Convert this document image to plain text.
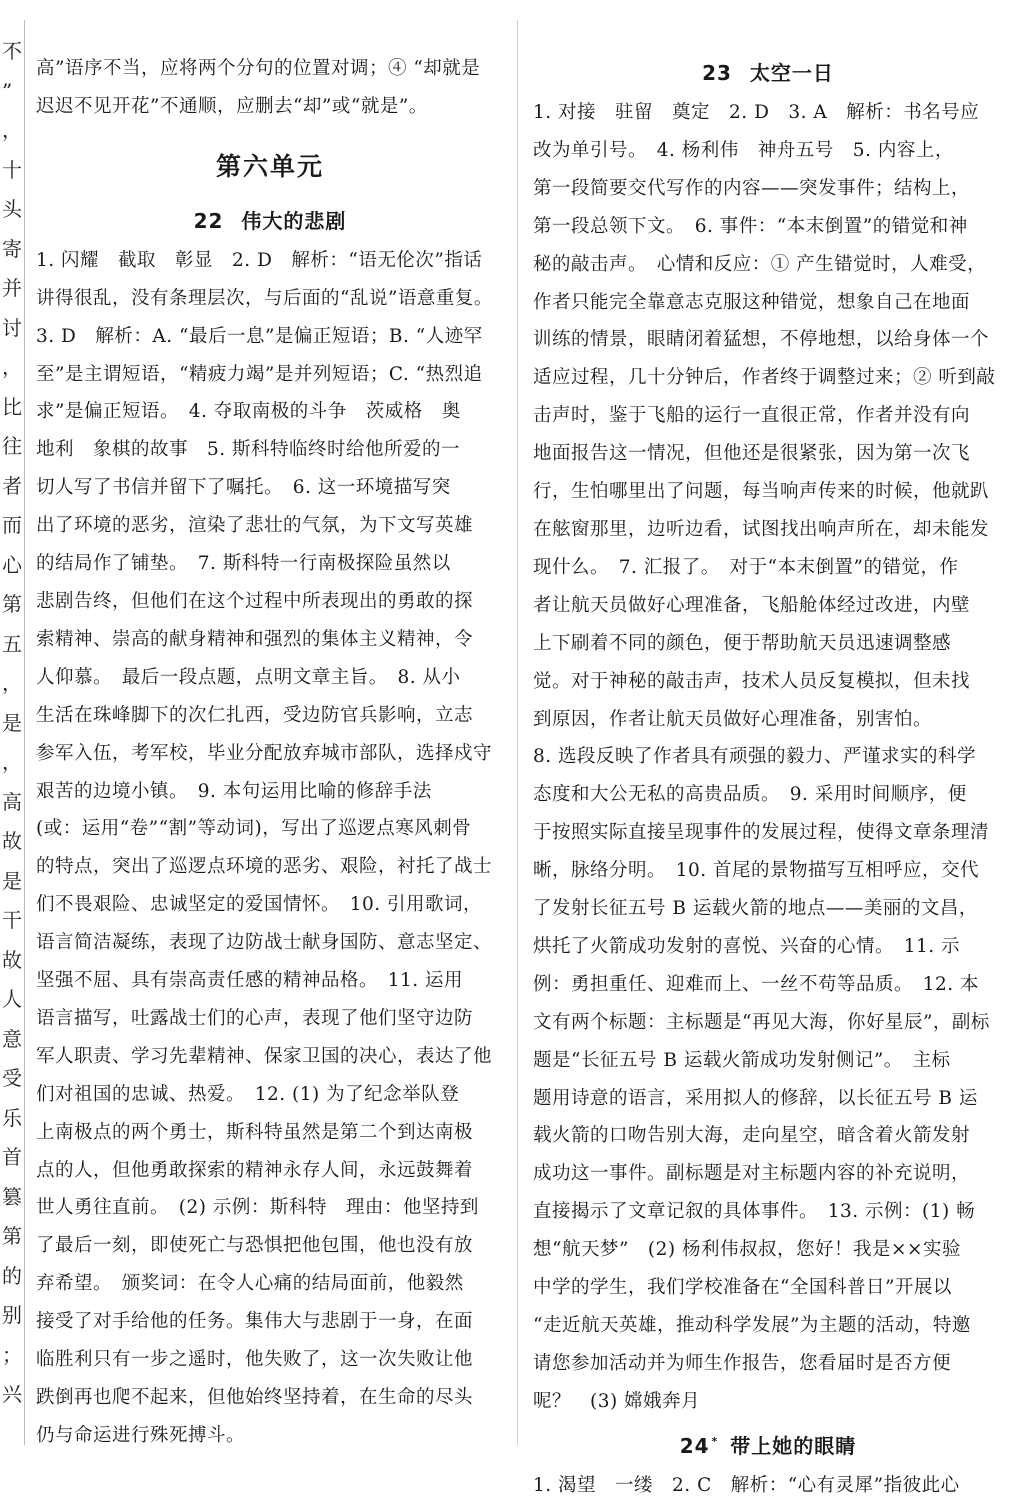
不
”
，
十
头
寄
并
讨
，
比
往
者
而
心
第
五
，
是
，
高
故
是
干
故
人
意
受
乐
首
篡
第
的
别
；
兴

高”语序不当，应将两个分句的位置对调；④ “却就是

迟迟不见开花”不通顺，应删去“却”或“就是”。

第六单元
22 伟大的悲剧

1. 闪耀　截取　彰显　2. D　解析：“语无伦次”指话

讲得很乱，没有条理层次，与后面的“乱说”语意重复。

3. D　解析：A. “最后一息”是偏正短语；B. “人迹罕

至”是主谓短语，“精疲力竭”是并列短语；C. “热烈追

求”是偏正短语。　4. 夺取南极的斗争　茨威格　奥

地利　象棋的故事　5. 斯科特临终时给他所爱的一

切人写了书信并留下了嘱托。　6. 这一环境描写突

出了环境的恶劣，渲染了悲壮的气氛，为下文写英雄

的结局作了铺垫。　7. 斯科特一行南极探险虽然以

悲剧告终，但他们在这个过程中所表现出的勇敢的探

索精神、崇高的献身精神和强烈的集体主义精神，令

人仰慕。　最后一段点题，点明文章主旨。　8. 从小

生活在珠峰脚下的次仁扎西，受边防官兵影响，立志

参军入伍，考军校，毕业分配放弃城市部队，选择戍守

艰苦的边境小镇。　9. 本句运用比喻的修辞手法

(或：运用“卷”“割”等动词)，写出了巡逻点寒风刺骨

的特点，突出了巡逻点环境的恶劣、艰险，衬托了战士

们不畏艰险、忠诚坚定的爱国情怀。　10. 引用歌词，

语言简洁凝练，表现了边防战士献身国防、意志坚定、

坚强不屈、具有崇高责任感的精神品格。　11. 运用

语言描写，吐露战士们的心声，表现了他们坚守边防

军人职责、学习先辈精神、保家卫国的决心，表达了他

们对祖国的忠诚、热爱。　12. (1) 为了纪念举队登

上南极点的两个勇士，斯科特虽然是第二个到达南极

点的人，但他勇敢探索的精神永存人间，永远鼓舞着

世人勇往直前。　(2) 示例：斯科特　理由：他坚持到

了最后一刻，即使死亡与恐惧把他包围，他也没有放

弃希望。　颁奖词：在令人心痛的结局面前，他毅然

接受了对手给他的任务。集伟大与悲剧于一身，在面

临胜利只有一步之遥时，他失败了，这一次失败让他

跌倒再也爬不起来，但他始终坚持着，在生命的尽头

仍与命运进行殊死搏斗。

23 太空一日

1. 对接　驻留　奠定　2. D　3. A　解析：书名号应

改为单引号。　4. 杨利伟　神舟五号　5. 内容上，

第一段简要交代写作的内容——突发事件；结构上，

第一段总领下文。　6. 事件：“本末倒置”的错觉和神

秘的敲击声。　心情和反应：① 产生错觉时，人难受，

作者只能完全靠意志克服这种错觉，想象自己在地面

训练的情景，眼睛闭着猛想，不停地想，以给身体一个

适应过程，几十分钟后，作者终于调整过来；② 听到敲

击声时，鉴于飞船的运行一直很正常，作者并没有向

地面报告这一情况，但他还是很紧张，因为第一次飞

行，生怕哪里出了问题，每当响声传来的时候，他就趴

在舷窗那里，边听边看，试图找出响声所在，却未能发

现什么。　7. 汇报了。　对于“本末倒置”的错觉，作

者让航天员做好心理准备，飞船舱体经过改进，内壁

上下刷着不同的颜色，便于帮助航天员迅速调整感

觉。对于神秘的敲击声，技术人员反复模拟，但未找

到原因，作者让航天员做好心理准备，别害怕。

8. 选段反映了作者具有顽强的毅力、严谨求实的科学

态度和大公无私的高贵品质。　9. 采用时间顺序，便

于按照实际直接呈现事件的发展过程，使得文章条理清

晰，脉络分明。　10. 首尾的景物描写互相呼应，交代

了发射长征五号 B 运载火箭的地点——美丽的文昌，

烘托了火箭成功发射的喜悦、兴奋的心情。　11. 示

例：勇担重任、迎难而上、一丝不苟等品质。　12. 本

文有两个标题：主标题是“再见大海，你好星辰”，副标

题是“长征五号 B 运载火箭成功发射侧记”。　主标

题用诗意的语言，采用拟人的修辞，以长征五号 B 运

载火箭的口吻告别大海，走向星空，暗含着火箭发射

成功这一事件。副标题是对主标题内容的补充说明，

直接揭示了文章记叙的具体事件。　13. 示例：(1) 畅

想“航天梦”　(2) 杨利伟叔叔，您好！我是××实验

中学的学生，我们学校准备在“全国科普日”开展以

“走近航天英雄，推动科学发展”为主题的活动，特邀

请您参加活动并为师生作报告，您看届时是否方便

呢？　(3) 嫦娥奔月

24 * 带上她的眼睛

1. 渴望　一缕　2. C　解析：“心有灵犀”指彼此心
